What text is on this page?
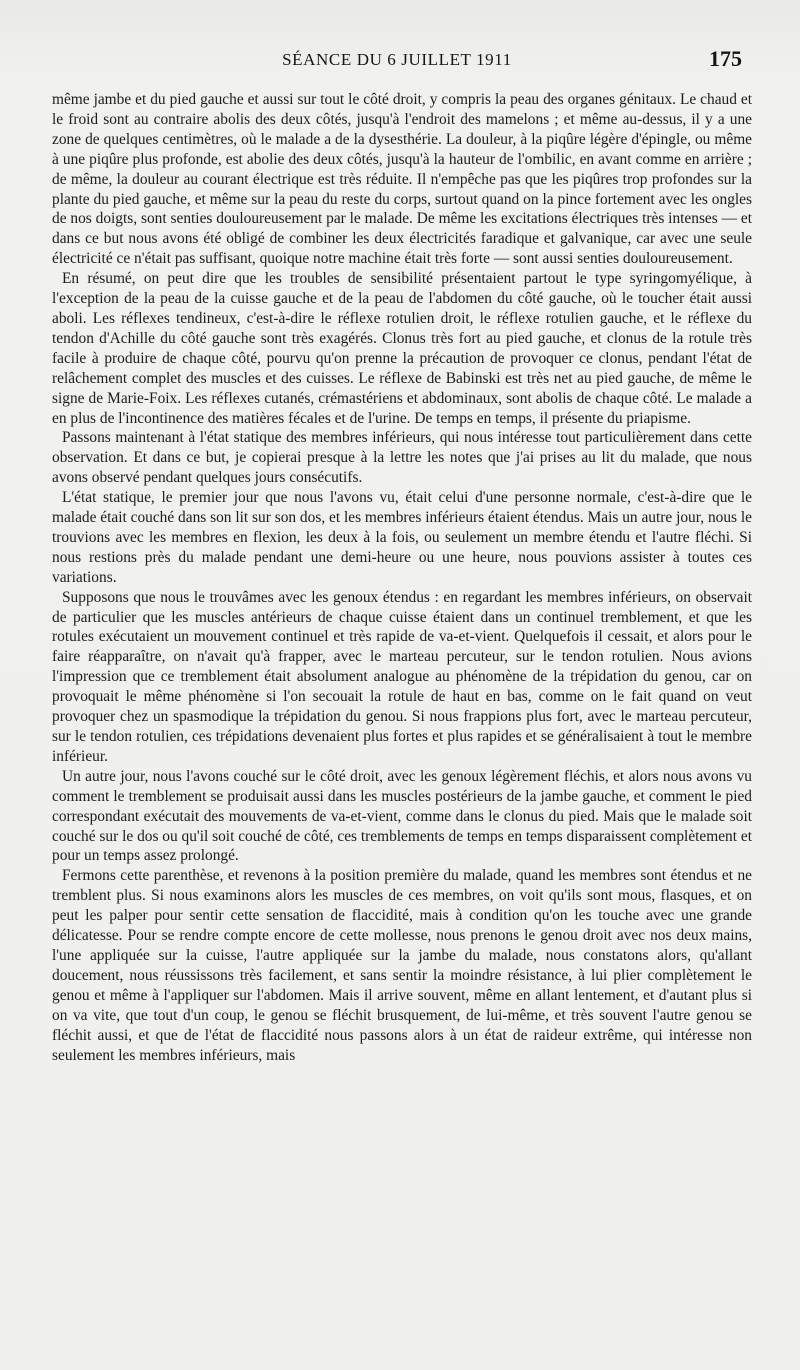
SÉANCE DU 6 JUILLET 1911	175

même jambe et du pied gauche et aussi sur tout le côté droit, y compris la peau des organes génitaux. Le chaud et le froid sont au contraire abolis des deux côtés, jusqu'à l'endroit des mamelons ; et même au-dessus, il y a une zone de quelques centimètres, où le malade a de la dysesthérie. La douleur, à la piqûre légère d'épingle, ou même à une piqûre plus profonde, est abolie des deux côtés, jusqu'à la hauteur de l'ombilic, en avant comme en arrière ; de même, la douleur au courant électrique est très réduite. Il n'empêche pas que les piqûres trop profondes sur la plante du pied gauche, et même sur la peau du reste du corps, surtout quand on la pince fortement avec les ongles de nos doigts, sont senties douloureusement par le malade. De même les excitations électriques très intenses — et dans ce but nous avons été obligé de combiner les deux électricités faradique et galvanique, car avec une seule électricité ce n'était pas suffisant, quoique notre machine était très forte — sont aussi senties douloureusement.

En résumé, on peut dire que les troubles de sensibilité présentaient partout le type syringomyélique, à l'exception de la peau de la cuisse gauche et de la peau de l'abdomen du côté gauche, où le toucher était aussi aboli. Les réflexes tendineux, c'est-à-dire le réflexe rotulien droit, le réflexe rotulien gauche, et le réflexe du tendon d'Achille du côté gauche sont très exagérés. Clonus très fort au pied gauche, et clonus de la rotule très facile à produire de chaque côté, pourvu qu'on prenne la précaution de provoquer ce clonus, pendant l'état de relâchement complet des muscles et des cuisses. Le réflexe de Babinski est très net au pied gauche, de même le signe de Marie-Foix. Les réflexes cutanés, crémastériens et abdominaux, sont abolis de chaque côté. Le malade a en plus de l'incontinence des matières fécales et de l'urine. De temps en temps, il présente du priapisme.

Passons maintenant à l'état statique des membres inférieurs, qui nous intéresse tout particulièrement dans cette observation. Et dans ce but, je copierai presque à la lettre les notes que j'ai prises au lit du malade, que nous avons observé pendant quelques jours consécutifs.

L'état statique, le premier jour que nous l'avons vu, était celui d'une personne normale, c'est-à-dire que le malade était couché dans son lit sur son dos, et les membres inférieurs étaient étendus. Mais un autre jour, nous le trouvions avec les membres en flexion, les deux à la fois, ou seulement un membre étendu et l'autre fléchi. Si nous restions près du malade pendant une demi-heure ou une heure, nous pouvions assister à toutes ces variations.

Supposons que nous le trouvâmes avec les genoux étendus : en regardant les membres inférieurs, on observait de particulier que les muscles antérieurs de chaque cuisse étaient dans un continuel tremblement, et que les rotules exécutaient un mouvement continuel et très rapide de va-et-vient. Quelquefois il cessait, et alors pour le faire réapparaître, on n'avait qu'à frapper, avec le marteau percuteur, sur le tendon rotulien. Nous avions l'impression que ce tremblement était absolument analogue au phénomène de la trépidation du genou, car on provoquait le même phénomène si l'on secouait la rotule de haut en bas, comme on le fait quand on veut provoquer chez un spasmodique la trépidation du genou. Si nous frappions plus fort, avec le marteau percuteur, sur le tendon rotulien, ces trépidations devenaient plus fortes et plus rapides et se généralisaient à tout le membre inférieur.

Un autre jour, nous l'avons couché sur le côté droit, avec les genoux légèrement fléchis, et alors nous avons vu comment le tremblement se produisait aussi dans les muscles postérieurs de la jambe gauche, et comment le pied correspondant exécutait des mouvements de va-et-vient, comme dans le clonus du pied. Mais que le malade soit couché sur le dos ou qu'il soit couché de côté, ces tremblements de temps en temps disparaissent complètement et pour un temps assez prolongé.

Fermons cette parenthèse, et revenons à la position première du malade, quand les membres sont étendus et ne tremblent plus. Si nous examinons alors les muscles de ces membres, on voit qu'ils sont mous, flasques, et on peut les palper pour sentir cette sensation de flaccidité, mais à condition qu'on les touche avec une grande délicatesse. Pour se rendre compte encore de cette mollesse, nous prenons le genou droit avec nos deux mains, l'une appliquée sur la cuisse, l'autre appliquée sur la jambe du malade, nous constatons alors, qu'allant doucement, nous réussissons très facilement, et sans sentir la moindre résistance, à lui plier complètement le genou et même à l'appliquer sur l'abdomen. Mais il arrive souvent, même en allant lentement, et d'autant plus si on va vite, que tout d'un coup, le genou se fléchit brusquement, de lui-même, et très souvent l'autre genou se fléchit aussi, et que de l'état de flaccidité nous passons alors à un état de raideur extrême, qui intéresse non seulement les membres inférieurs, mais
